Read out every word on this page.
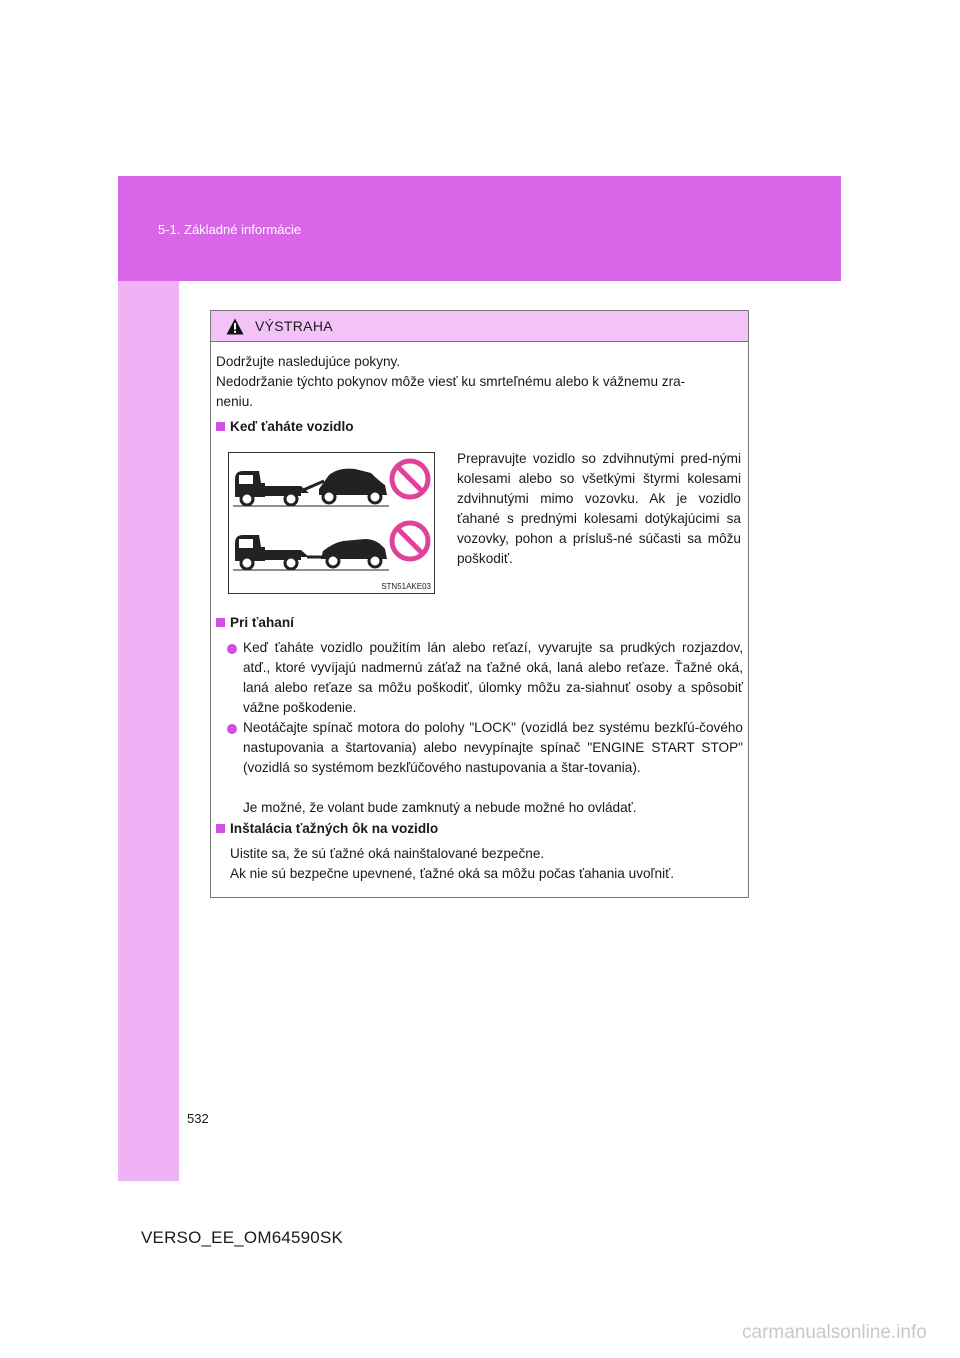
5-1. Základné informácie
VÝSTRAHA
Dodržujte nasledujúce pokyny.
Nedodržanie týchto pokynov môže viesť ku smrteľnému alebo k vážnemu zra-
neniu.
Keď ťaháte vozidlo
Prepravujte vozidlo so zdvihnutými pred-nými kolesami alebo so všetkými štyrmi kolesami zdvihnutými mimo vozovku. Ak je vozidlo ťahané s prednými kolesami dotýkajúcimi sa vozovky, pohon a prísluš-né súčasti sa môžu poškodiť.
STN51AKE03
Pri ťahaní
Keď ťaháte vozidlo použitím lán alebo reťazí, vyvarujte sa prudkých rozjazdov, atď., ktoré vyvíjajú nadmernú záťaž na ťažné oká, laná alebo reťaze. Ťažné oká, laná alebo reťaze sa môžu poškodiť, úlomky môžu za-siahnuť osoby a spôsobiť vážne poškodenie.
Neotáčajte spínač motora do polohy "LOCK" (vozidlá bez systému bezkľú-čového nastupovania a štartovania) alebo nevypínajte spínač "ENGINE START STOP" (vozidlá so systémom bezkľúčového nastupovania a štar-tovania).
Je možné, že volant bude zamknutý a nebude možné ho ovládať.
Inštalácia ťažných ôk na vozidlo
Uistite sa, že sú ťažné oká nainštalované bezpečne.
Ak nie sú bezpečne upevnené, ťažné oká sa môžu počas ťahania uvoľniť.
532
VERSO_EE_OM64590SK
carmanualsonline.info
